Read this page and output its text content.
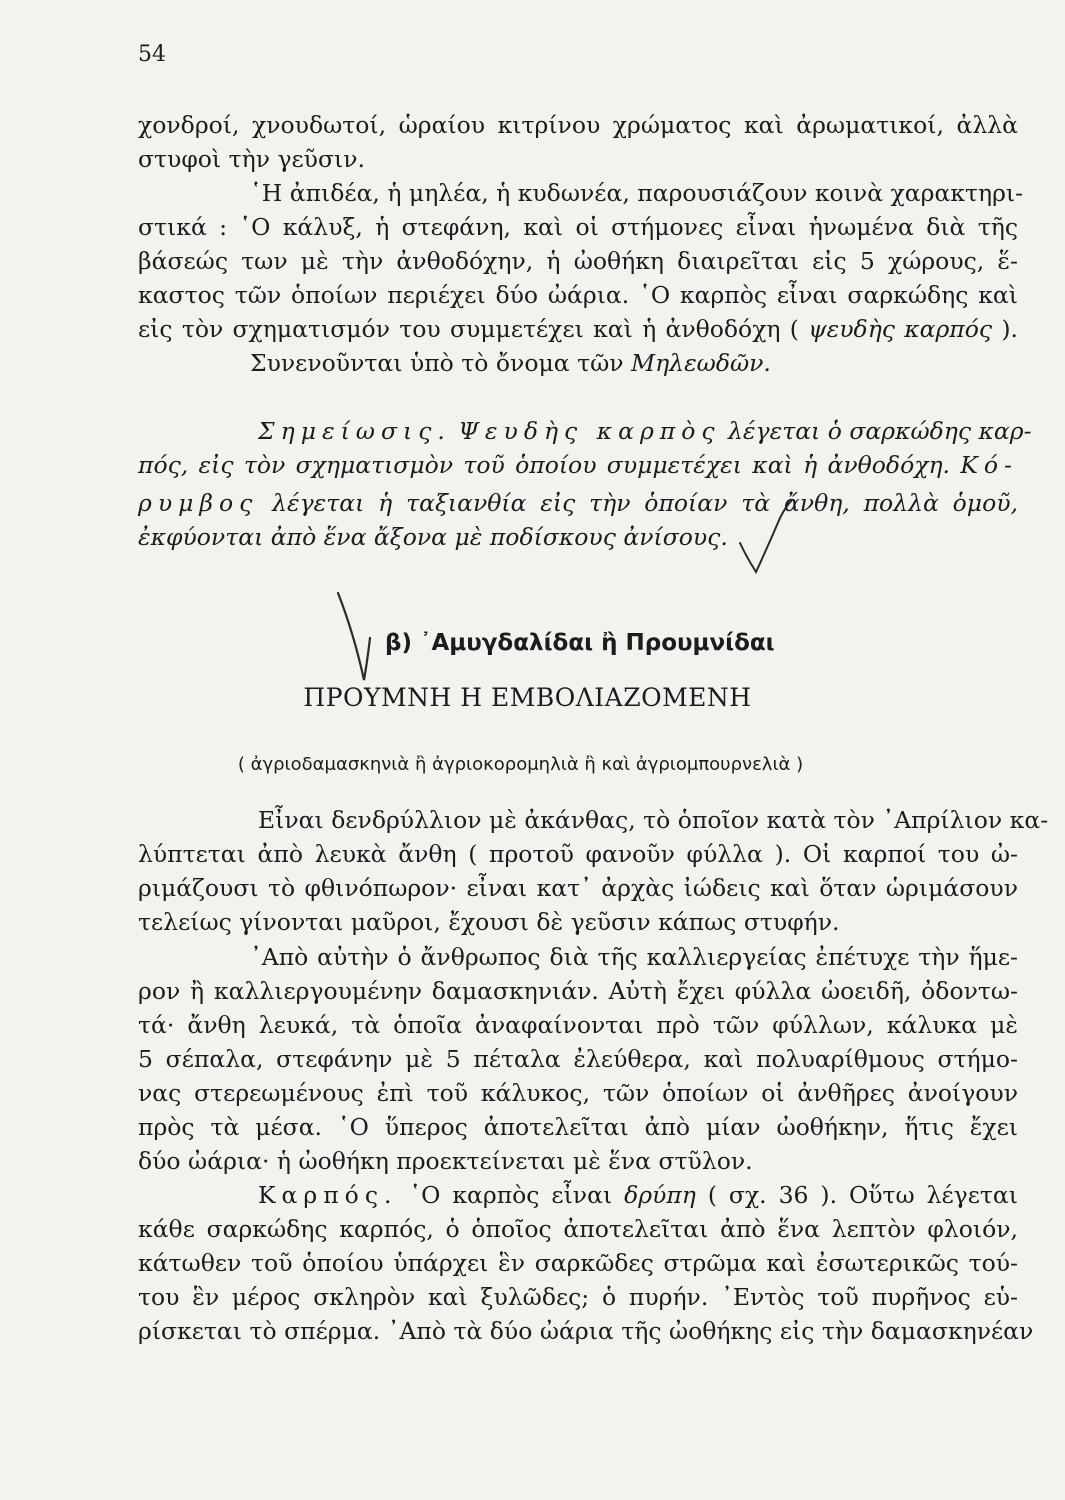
54
χονδροί, χνουδωτοί, ὡραίου κιτρίνου χρώματος καὶ ἀρωματικοί, ἀλλὰ
στυφοὶ τὴν γεῦσιν.
῾Η ἀπιδέα, ἡ μηλέα, ἡ κυδωνέα, παρουσιάζουν κοινὰ χαρακτηρι-
στικά : ῾Ο κάλυξ, ἡ στεφάνη, καὶ οἱ στήμονες εἶναι ἡνωμένα διὰ τῆς
βάσεώς των μὲ τὴν ἀνθοδόχην, ἡ ὠοθήκη διαιρεῖται εἰς 5 χώρους, ἕ-
καστος τῶν ὁποίων περιέχει δύο ὠάρια. ῾Ο καρπὸς εἶναι σαρκώδης καὶ
εἰς τὸν σχηματισμόν του συμμετέχει καὶ ἡ ἀνθοδόχη ( ψευδὴς καρπός ).
Συνενοῦνται ὑπὸ τὸ ὄνομα τῶν Μηλεωδῶν.
Σημείωσις. Ψευδὴς καρπὸς λέγεται ὁ σαρκώδης καρ-
πός, εἰς τὸν σχηματισμὸν τοῦ ὁποίου συμμετέχει καὶ ἡ ἀνθοδόχη. Κό-
ρυμβος λέγεται ἡ ταξιανθία εἰς τὴν ὁποίαν τὰ ἄνθη, πολλὰ ὁμοῦ,
ἐκφύονται ἀπὸ ἕνα ἄξονα μὲ ποδίσκους ἀνίσους.
β) ᾿Αμυγδαλίδαι ἢ Προυμνίδαι
ΠΡΟΥΜΝΗ Η ΕΜΒΟΛΙΑΖΟΜΕΝΗ
( ἀγριοδαμασκηνιὰ ἢ ἀγριοκορομηλιὰ ἢ καὶ ἀγριομπουρνελιὰ )
Εἶναι δενδρύλλιον μὲ ἀκάνθας, τὸ ὁποῖον κατὰ τὸν ᾿Απρίλιον κα-
λύπτεται ἀπὸ λευκὰ ἄνθη ( προτοῦ φανοῦν φύλλα ). Οἱ καρποί του ὠ-
ριμάζουσι τὸ φθινόπωρον· εἶναι κατ᾿ ἀρχὰς ἰώδεις καὶ ὅταν ὡριμάσουν
τελείως γίνονται μαῦροι, ἔχουσι δὲ γεῦσιν κάπως στυφήν.
᾿Απὸ αὐτὴν ὁ ἄνθρωπος διὰ τῆς καλλιεργείας ἐπέτυχε τὴν ἥμε-
ρον ἢ καλλιεργουμένην δαμασκηνιάν. Αὐτὴ ἔχει φύλλα ὠοειδῆ, ὀδοντω-
τά· ἄνθη λευκά, τὰ ὁποῖα ἀναφαίνονται πρὸ τῶν φύλλων, κάλυκα μὲ
5 σέπαλα, στεφάνην μὲ 5 πέταλα ἐλεύθερα, καὶ πολυαρίθμους στήμο-
νας στερεωμένους ἐπὶ τοῦ κάλυκος, τῶν ὁποίων οἱ ἀνθῆρες ἀνοίγουν
πρὸς τὰ μέσα. ῾Ο ὕπερος ἀποτελεῖται ἀπὸ μίαν ὠοθήκην, ἥτις ἔχει
δύο ὠάρια· ἡ ὠοθήκη προεκτείνεται μὲ ἕνα στῦλον.
Καρπός. ῾Ο καρπὸς εἶναι δρύπη ( σχ. 36 ). Οὕτω λέγεται
κάθε σαρκώδης καρπός, ὁ ὁποῖος ἀποτελεῖται ἀπὸ ἕνα λεπτὸν φλοιόν,
κάτωθεν τοῦ ὁποίου ὑπάρχει ἓν σαρκῶδες στρῶμα καὶ ἐσωτερικῶς τού-
του ἓν μέρος σκληρὸν καὶ ξυλῶδες; ὁ πυρήν. ᾿Εντὸς τοῦ πυρῆνος εὑ-
ρίσκεται τὸ σπέρμα. ᾿Απὸ τὰ δύο ὠάρια τῆς ὠοθήκης εἰς τὴν δαμασκηνέαν
